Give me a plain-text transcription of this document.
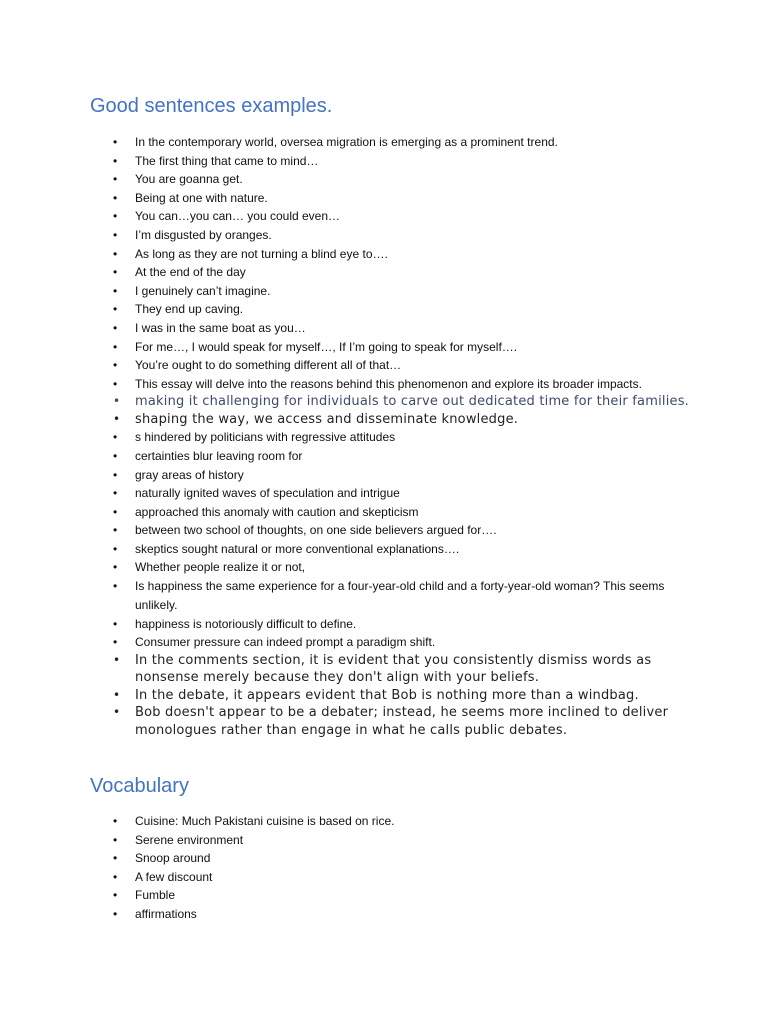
Good sentences examples.
• In the contemporary world, oversea migration is emerging as a prominent trend.
• The first thing that came to mind…
• You are goanna get.
• Being at one with nature.
• You can…you can… you could even…
• I’m disgusted by oranges.
• As long as they are not turning a blind eye to….
• At the end of the day
• I genuinely can’t imagine.
• They end up caving.
• I was in the same boat as you…
• For me…, I would speak for myself…, If I’m going to speak for myself….
• You’re ought to do something different all of that…
• This essay will delve into the reasons behind this phenomenon and explore its broader impacts.
• making it challenging for individuals to carve out dedicated time for their families.
• shaping the way, we access and disseminate knowledge.
• s hindered by politicians with regressive attitudes
• certainties blur leaving room for
• gray areas of history
• naturally ignited waves of speculation and intrigue
• approached this anomaly with caution and skepticism
• between two school of thoughts, on one side believers argued for….
• skeptics sought natural or more conventional explanations….
• Whether people realize it or not,
• Is happiness the same experience for a four-year-old child and a forty-year-old woman? This seems unlikely.
• happiness is notoriously difficult to define.
• Consumer pressure can indeed prompt a paradigm shift.
• In the comments section, it is evident that you consistently dismiss words as nonsense merely because they don't align with your beliefs.
• In the debate, it appears evident that Bob is nothing more than a windbag.
• Bob doesn't appear to be a debater; instead, he seems more inclined to deliver monologues rather than engage in what he calls public debates.
Vocabulary
• Cuisine: Much Pakistani cuisine is based on rice.
• Serene environment
• Snoop around
• A few discount
• Fumble
• affirmations
